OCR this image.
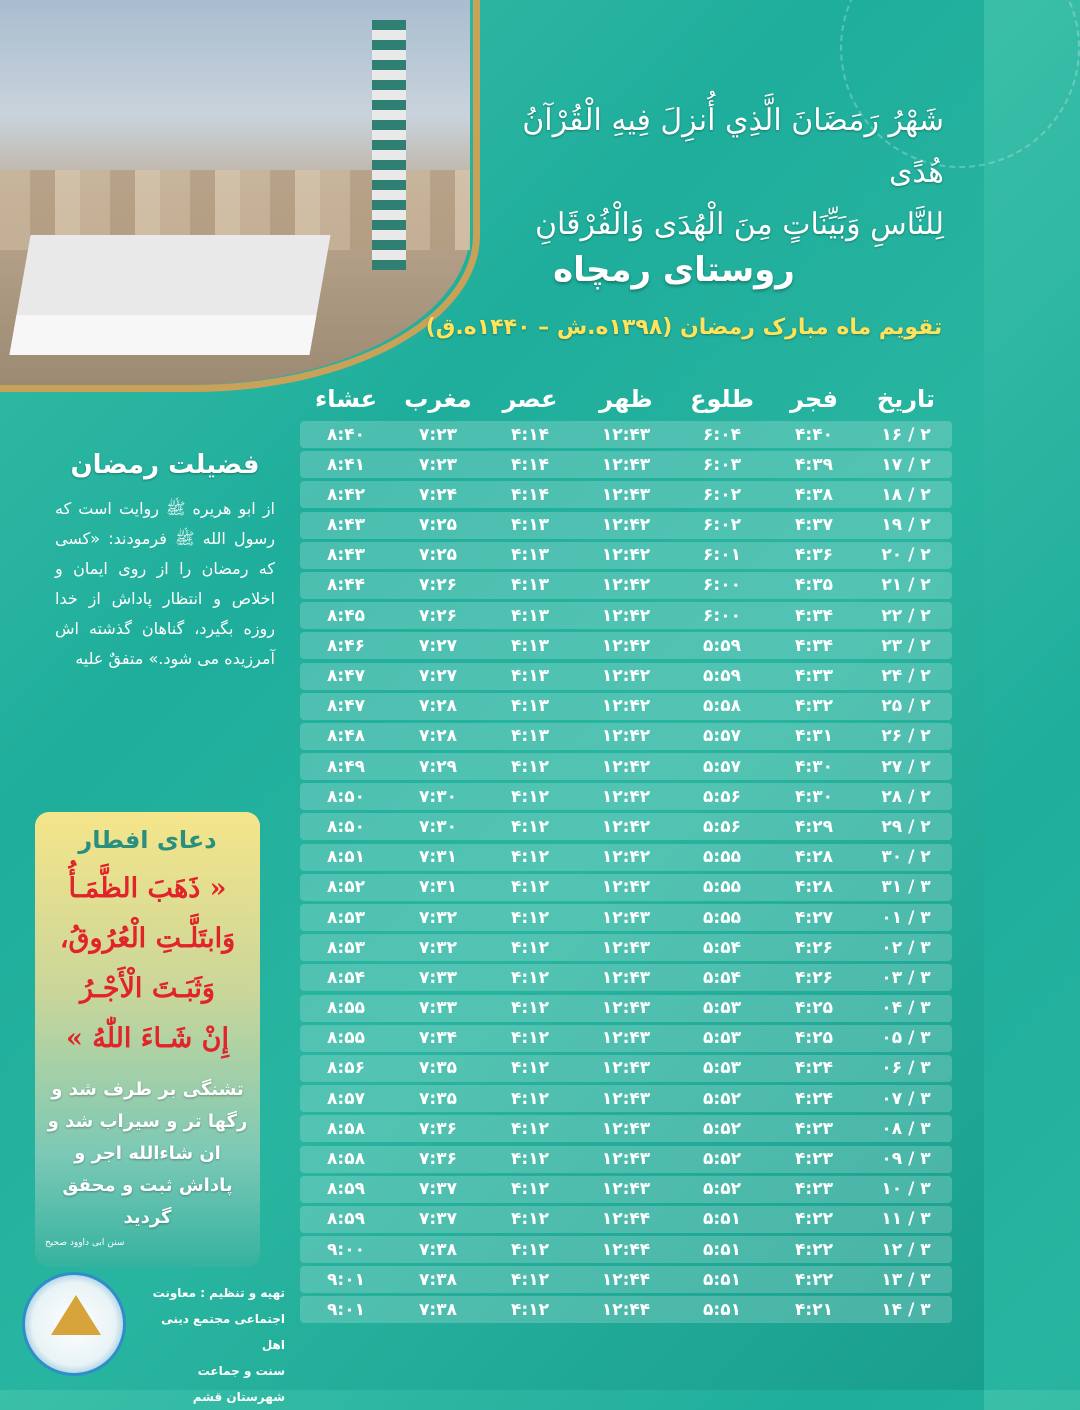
شَهْرُ رَمَضَانَ الَّذِي أُنزِلَ فِيهِ الْقُرْآنُ هُدًى
لِلنَّاسِ وَبَيِّنَاتٍ مِنَ الْهُدَى وَالْفُرْقَانِ
روستای رمچاه
تقویم ماه مبارک رمضان (۱۳۹۸ه.ش – ۱۴۴۰ه.ق)
تاریخ
فجر
طلوع
ظهر
عصر
مغرب
عشاء
۲ / ۱۶
۴:۴۰
۶:۰۴
۱۲:۴۳
۴:۱۴
۷:۲۳
۸:۴۰
۲ / ۱۷
۴:۳۹
۶:۰۳
۱۲:۴۳
۴:۱۴
۷:۲۳
۸:۴۱
۲ / ۱۸
۴:۳۸
۶:۰۲
۱۲:۴۳
۴:۱۴
۷:۲۴
۸:۴۲
۲ / ۱۹
۴:۳۷
۶:۰۲
۱۲:۴۲
۴:۱۳
۷:۲۵
۸:۴۳
۲ / ۲۰
۴:۳۶
۶:۰۱
۱۲:۴۲
۴:۱۳
۷:۲۵
۸:۴۳
۲ / ۲۱
۴:۳۵
۶:۰۰
۱۲:۴۲
۴:۱۳
۷:۲۶
۸:۴۴
۲ / ۲۲
۴:۳۴
۶:۰۰
۱۲:۴۲
۴:۱۳
۷:۲۶
۸:۴۵
۲ / ۲۳
۴:۳۴
۵:۵۹
۱۲:۴۲
۴:۱۳
۷:۲۷
۸:۴۶
۲ / ۲۴
۴:۳۳
۵:۵۹
۱۲:۴۲
۴:۱۳
۷:۲۷
۸:۴۷
۲ / ۲۵
۴:۳۲
۵:۵۸
۱۲:۴۲
۴:۱۳
۷:۲۸
۸:۴۷
۲ / ۲۶
۴:۳۱
۵:۵۷
۱۲:۴۲
۴:۱۳
۷:۲۸
۸:۴۸
۲ / ۲۷
۴:۳۰
۵:۵۷
۱۲:۴۲
۴:۱۲
۷:۲۹
۸:۴۹
۲ / ۲۸
۴:۳۰
۵:۵۶
۱۲:۴۲
۴:۱۲
۷:۳۰
۸:۵۰
۲ / ۲۹
۴:۲۹
۵:۵۶
۱۲:۴۲
۴:۱۲
۷:۳۰
۸:۵۰
۲ / ۳۰
۴:۲۸
۵:۵۵
۱۲:۴۲
۴:۱۲
۷:۳۱
۸:۵۱
۳ / ۳۱
۴:۲۸
۵:۵۵
۱۲:۴۲
۴:۱۲
۷:۳۱
۸:۵۲
۳ / ۰۱
۴:۲۷
۵:۵۵
۱۲:۴۳
۴:۱۲
۷:۳۲
۸:۵۳
۳ / ۰۲
۴:۲۶
۵:۵۴
۱۲:۴۳
۴:۱۲
۷:۳۲
۸:۵۳
۳ / ۰۳
۴:۲۶
۵:۵۴
۱۲:۴۳
۴:۱۲
۷:۳۳
۸:۵۴
۳ / ۰۴
۴:۲۵
۵:۵۳
۱۲:۴۳
۴:۱۲
۷:۳۳
۸:۵۵
۳ / ۰۵
۴:۲۵
۵:۵۳
۱۲:۴۳
۴:۱۲
۷:۳۴
۸:۵۵
۳ / ۰۶
۴:۲۴
۵:۵۳
۱۲:۴۳
۴:۱۲
۷:۳۵
۸:۵۶
۳ / ۰۷
۴:۲۴
۵:۵۲
۱۲:۴۳
۴:۱۲
۷:۳۵
۸:۵۷
۳ / ۰۸
۴:۲۳
۵:۵۲
۱۲:۴۳
۴:۱۲
۷:۳۶
۸:۵۸
۳ / ۰۹
۴:۲۳
۵:۵۲
۱۲:۴۳
۴:۱۲
۷:۳۶
۸:۵۸
۳ / ۱۰
۴:۲۳
۵:۵۲
۱۲:۴۳
۴:۱۲
۷:۳۷
۸:۵۹
۳ / ۱۱
۴:۲۲
۵:۵۱
۱۲:۴۴
۴:۱۲
۷:۳۷
۸:۵۹
۳ / ۱۲
۴:۲۲
۵:۵۱
۱۲:۴۴
۴:۱۲
۷:۳۸
۹:۰۰
۳ / ۱۳
۴:۲۲
۵:۵۱
۱۲:۴۴
۴:۱۲
۷:۳۸
۹:۰۱
۳ / ۱۴
۴:۲۱
۵:۵۱
۱۲:۴۴
۴:۱۲
۷:۳۸
۹:۰۱
فضیلت رمضان

از ابو هریره ﷺ روایت است که رسول الله ﷺ فرمودند: «کسی که رمضان را از روی ایمان و اخلاص و انتظار پاداش از خدا روزه بگیرد، گناهان گذشته اش آمرزیده می شود.» متفقٌ علیه

دعای افطار
« ذَهَبَ الظَّمَـأُ
وَابتَلَّـتِ الْعُرُوقُ،
وَثَبَـتَ الْأَجْـرُ
إِنْ شَـاءَ اللّٰهُ »
تشنگی بر طرف شد و رگها تر و سیراب شد و ان شاءالله اجر و پاداش ثبت و محقق گردید
سنن ابی داوود صحیح
تهیه و تنظیم : معاونت
اجتماعی مجتمع دینی اهل
سنت و جماعت شهرستان قشم
